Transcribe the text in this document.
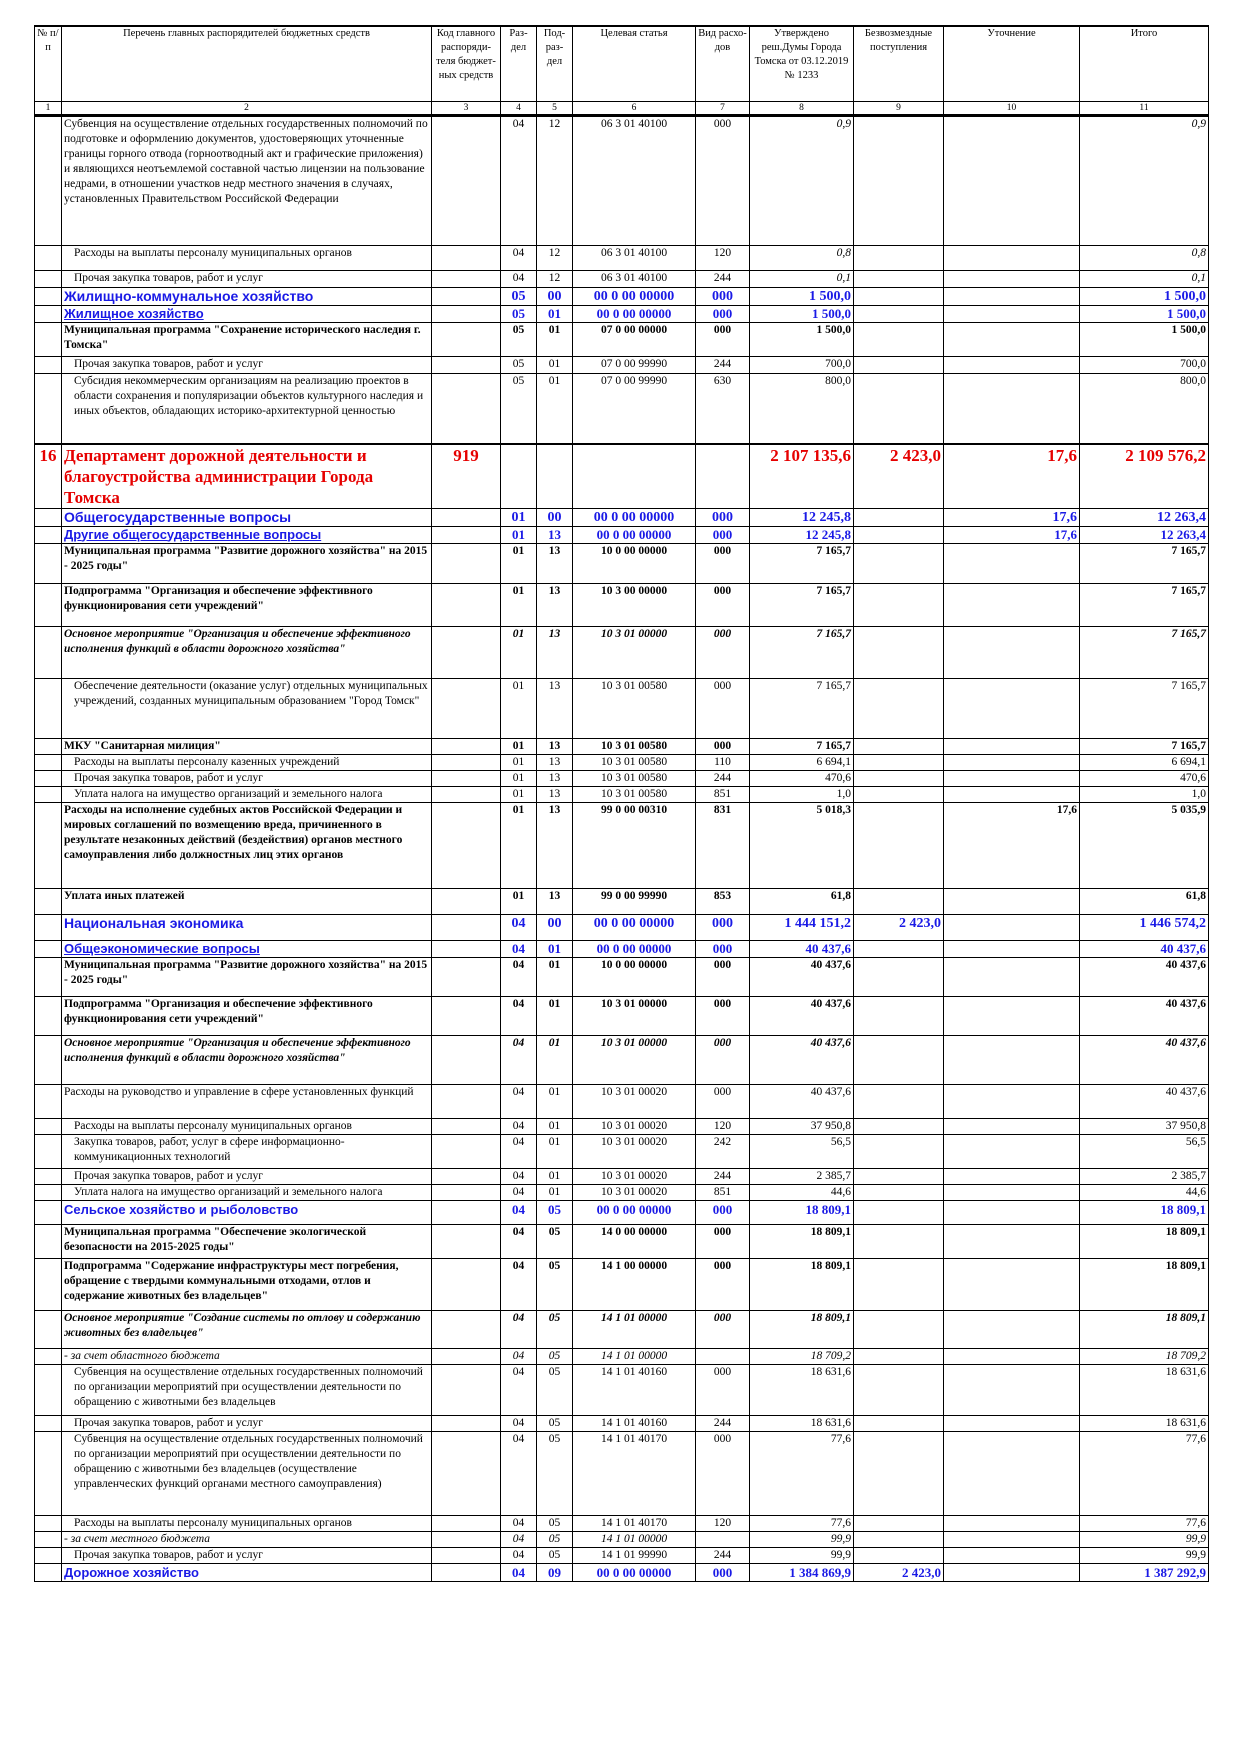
№ п/п	Перечень главных распорядителей бюджетных средств	Код главного распоряди-теля бюджет-ных средств	Раз-дел	Под-раз-дел	Целевая статья	Вид расхо-дов	Утверждено реш.Думы Города Томска от 03.12.2019 № 1233	Безвозмездные поступления	Уточнение	Итого
1	2	3	4	5	6	7	8	9	10	11
	Субвенция на осуществление отдельных государственных полномочий по подготовке и оформлению документов, удостоверяющих уточненные границы горного отвода (горноотводный акт и графические приложения) и являющихся неотъемлемой составной частью лицензии на пользование недрами, в отношении участков недр местного значения в случаях, установленных Правительством Российской Федерации		04	12	06 3 01 40100	000	0,9			0,9
	Расходы на выплаты персоналу муниципальных органов		04	12	06 3 01 40100	120	0,8			0,8
	Прочая закупка товаров, работ и услуг		04	12	06 3 01 40100	244	0,1			0,1
	Жилищно-коммунальное хозяйство		05	00	00 0 00 00000	000	1 500,0			1 500,0
	Жилищное хозяйство		05	01	00 0 00 00000	000	1 500,0			1 500,0
	Муниципальная программа "Сохранение исторического наследия г. Томска"		05	01	07 0 00 00000	000	1 500,0			1 500,0
	Прочая закупка товаров, работ и услуг		05	01	07 0 00 99990	244	700,0			700,0
	Субсидия некоммерческим организациям на реализацию проектов в области сохранения и популяризации объектов культурного наследия и иных объектов, обладающих историко-архитектурной ценностью		05	01	07 0 00 99990	630	800,0			800,0
16	Департамент дорожной деятельности и благоустройства администрации Города Томска	919					2 107 135,6	2 423,0	17,6	2 109 576,2
	Общегосударственные вопросы		01	00	00 0 00 00000	000	12 245,8		17,6	12 263,4
	Другие общегосударственные вопросы		01	13	00 0 00 00000	000	12 245,8		17,6	12 263,4
	Муниципальная программа "Развитие дорожного хозяйства" на 2015 - 2025 годы"		01	13	10 0 00 00000	000	7 165,7			7 165,7
	Подпрограмма "Организация и обеспечение эффективного функционирования сети учреждений"		01	13	10 3 00 00000	000	7 165,7			7 165,7
	Основное мероприятие "Организация и обеспечение эффективного исполнения функций в области дорожного хозяйства"		01	13	10 3 01 00000	000	7 165,7			7 165,7
	Обеспечение деятельности (оказание услуг) отдельных муниципальных учреждений, созданных муниципальным образованием "Город Томск"		01	13	10 3 01 00580	000	7 165,7			7 165,7
	МКУ "Санитарная милиция"		01	13	10 3 01 00580	000	7 165,7			7 165,7
	Расходы на выплаты персоналу казенных учреждений		01	13	10 3 01 00580	110	6 694,1			6 694,1
	Прочая закупка товаров, работ и услуг		01	13	10 3 01 00580	244	470,6			470,6
	Уплата налога на имущество организаций и земельного налога		01	13	10 3 01 00580	851	1,0			1,0
	Расходы на исполнение судебных актов Российской Федерации и мировых соглашений по возмещению вреда, причиненного в результате незаконных действий (бездействия) органов местного самоуправления либо должностных лиц этих органов		01	13	99 0 00 00310	831	5 018,3		17,6	5 035,9
	Уплата иных платежей		01	13	99 0 00 99990	853	61,8			61,8
	Национальная экономика		04	00	00 0 00 00000	000	1 444 151,2	2 423,0		1 446 574,2
	Общеэкономические вопросы		04	01	00 0 00 00000	000	40 437,6			40 437,6
	Муниципальная программа "Развитие дорожного хозяйства" на 2015 - 2025 годы"		04	01	10 0 00 00000	000	40 437,6			40 437,6
	Подпрограмма "Организация и обеспечение эффективного функционирования сети учреждений"		04	01	10 3 01 00000	000	40 437,6			40 437,6
	Основное мероприятие "Организация и обеспечение эффективного исполнения функций в области дорожного хозяйства"		04	01	10 3 01 00000	000	40 437,6			40 437,6
	Расходы на руководство и управление в сфере установленных функций		04	01	10 3 01 00020	000	40 437,6			40 437,6
	Расходы на выплаты персоналу муниципальных органов		04	01	10 3 01 00020	120	37 950,8			37 950,8
	Закупка товаров, работ, услуг в сфере информационно-коммуникационных технологий		04	01	10 3 01 00020	242	56,5			56,5
	Прочая закупка товаров, работ и услуг		04	01	10 3 01 00020	244	2 385,7			2 385,7
	Уплата налога на имущество организаций и земельного налога		04	01	10 3 01 00020	851	44,6			44,6
	Сельское хозяйство и рыболовство		04	05	00 0 00 00000	000	18 809,1			18 809,1
	Муниципальная программа "Обеспечение экологической безопасности на 2015-2025 годы"		04	05	14 0 00 00000	000	18 809,1			18 809,1
	Подпрограмма "Содержание инфраструктуры мест погребения, обращение с твердыми коммунальными отходами, отлов и содержание животных без владельцев"		04	05	14 1 00 00000	000	18 809,1			18 809,1
	Основное мероприятие "Создание системы по отлову и содержанию животных без владельцев"		04	05	14 1 01 00000	000	18 809,1			18 809,1
	- за счет областного бюджета		04	05	14 1 01 00000		18 709,2			18 709,2
	Субвенция на осуществление отдельных государственных полномочий по организации мероприятий при осуществлении деятельности по обращению с животными без владельцев		04	05	14 1 01 40160	000	18 631,6			18 631,6
	Прочая закупка товаров, работ и услуг		04	05	14 1 01 40160	244	18 631,6			18 631,6
	Субвенция на осуществление отдельных государственных полномочий по организации мероприятий при осуществлении деятельности по обращению с животными без владельцев (осуществление управленческих функций органами местного самоуправления)		04	05	14 1 01 40170	000	77,6			77,6
	Расходы на выплаты персоналу муниципальных органов		04	05	14 1 01 40170	120	77,6			77,6
	- за счет местного бюджета		04	05	14 1 01 00000		99,9			99,9
	Прочая закупка товаров, работ и услуг		04	05	14 1 01 99990	244	99,9			99,9
	Дорожное хозяйство		04	09	00 0 00 00000	000	1 384 869,9	2 423,0		1 387 292,9
